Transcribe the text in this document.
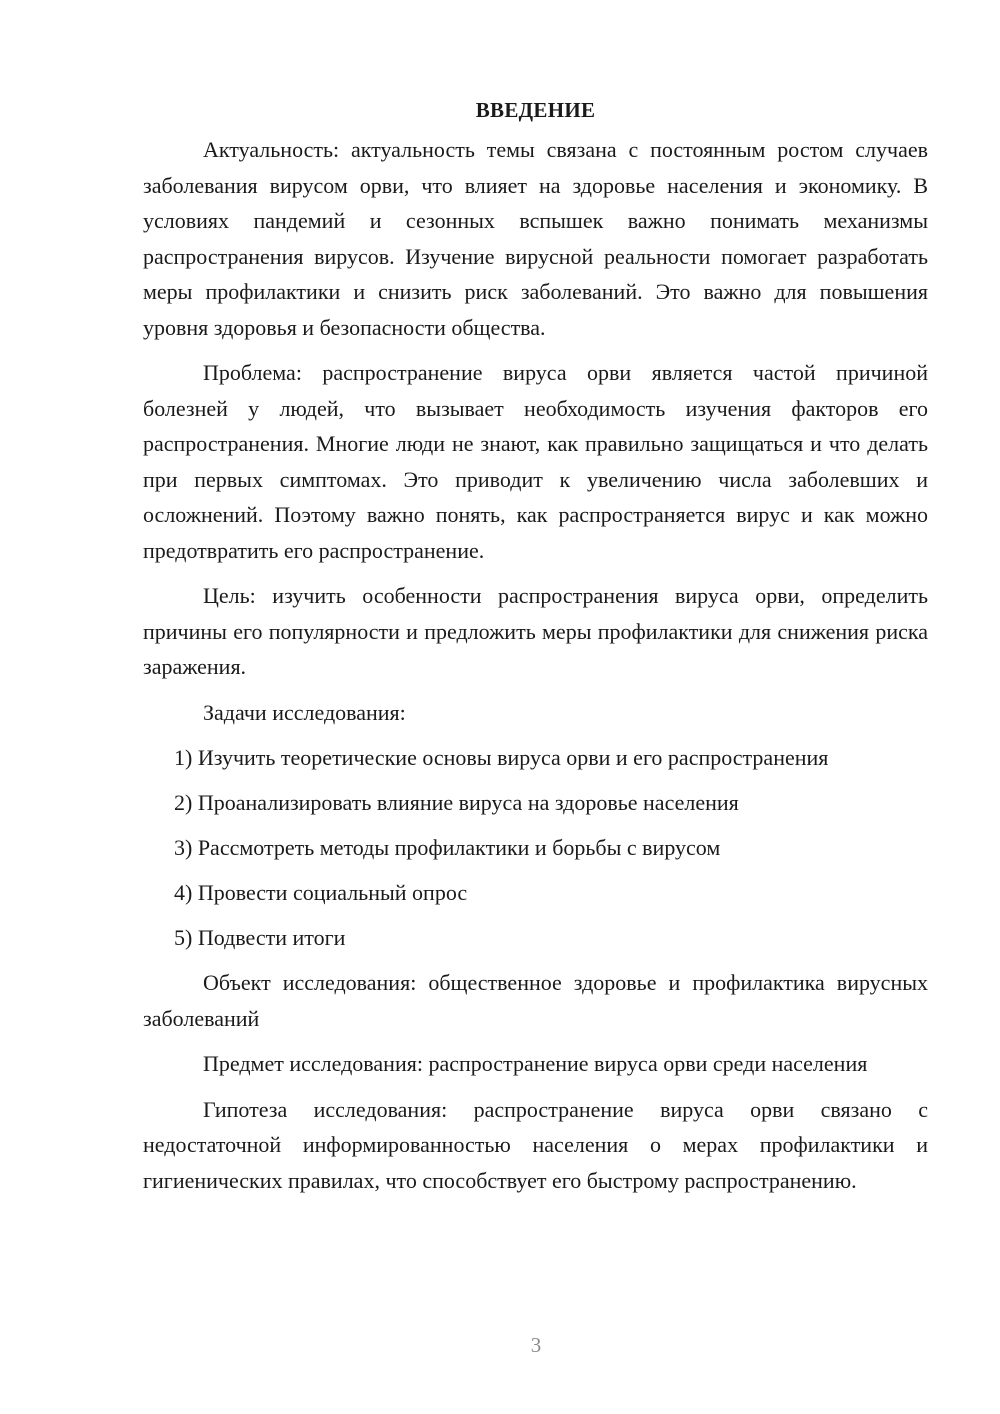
ВВЕДЕНИЕ

Актуальность: актуальность темы связана с постоянным ростом случаев заболевания вирусом орви, что влияет на здоровье населения и экономику. В условиях пандемий и сезонных вспышек важно понимать механизмы распространения вирусов. Изучение вирусной реальности помогает разработать меры профилактики и снизить риск заболеваний. Это важно для повышения уровня здоровья и безопасности общества.

Проблема: распространение вируса орви является частой причиной болезней у людей, что вызывает необходимость изучения факторов его распространения. Многие люди не знают, как правильно защищаться и что делать при первых симптомах. Это приводит к увеличению числа заболевших и осложнений. Поэтому важно понять, как распространяется вирус и как можно предотвратить его распространение.

Цель: изучить особенности распространения вируса орви, определить причины его популярности и предложить меры профилактики для снижения риска заражения.

Задачи исследования:

1) Изучить теоретические основы вируса орви и его распространения
2) Проанализировать влияние вируса на здоровье населения
3) Рассмотреть методы профилактики и борьбы с вирусом
4) Провести социальный опрос
5) Подвести итоги

Объект исследования: общественное здоровье и профилактика вирусных заболеваний

Предмет исследования: распространение вируса орви среди населения

Гипотеза исследования: распространение вируса орви связано с недостаточной информированностью населения о мерах профилактики и гигиенических правилах, что способствует его быстрому распространению.

3
